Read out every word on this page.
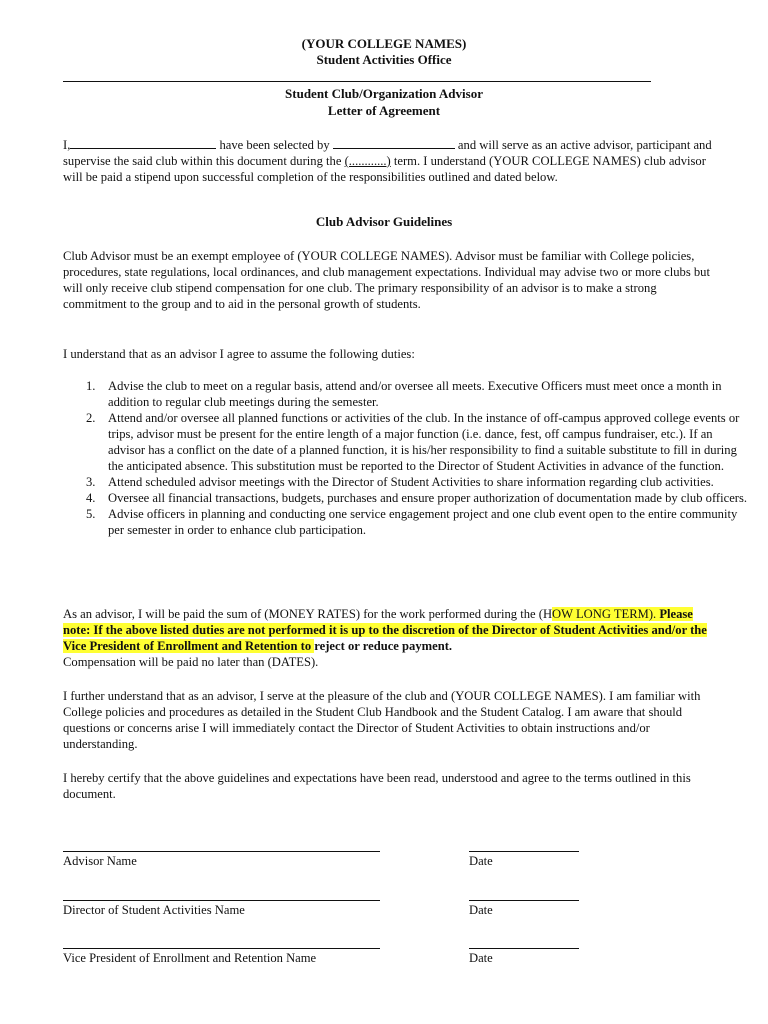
(YOUR COLLEGE NAMES)
Student Activities Office
Student Club/Organization Advisor
Letter of Agreement
I,	have been selected by	and will serve as an active advisor, participant and supervise the said club within this document during the (............) term. I understand (YOUR COLLEGE NAMES) club advisor will be paid a stipend upon successful completion of the responsibilities outlined and dated below.
Club Advisor Guidelines
Club Advisor must be an exempt employee of (YOUR COLLEGE NAMES). Advisor must be familiar with College policies, procedures, state regulations, local ordinances, and club management expectations. Individual may advise two or more clubs but will only receive club stipend compensation for one club. The primary responsibility of an advisor is to make a strong commitment to the group and to aid in the personal growth of students.
I understand that as an advisor I agree to assume the following duties:
1. Advise the club to meet on a regular basis, attend and/or oversee all meets. Executive Officers must meet once a month in addition to regular club meetings during the semester.
2. Attend and/or oversee all planned functions or activities of the club. In the instance of off-campus approved college events or trips, advisor must be present for the entire length of a major function (i.e. dance, fest, off campus fundraiser, etc.). If an advisor has a conflict on the date of a planned function, it is his/her responsibility to find a suitable substitute to fill in during the anticipated absence. This substitution must be reported to the Director of Student Activities in advance of the function.
3. Attend scheduled advisor meetings with the Director of Student Activities to share information regarding club activities.
4. Oversee all financial transactions, budgets, purchases and ensure proper authorization of documentation made by club officers.
5. Advise officers in planning and conducting one service engagement project and one club event open to the entire community per semester in order to enhance club participation.
As an advisor, I will be paid the sum of (MONEY RATES) for the work performed during the (HOW LONG TERM). Please note: If the above listed duties are not performed it is up to the discretion of the Director of Student Activities and/or the Vice President of Enrollment and Retention to reject or reduce payment.
Compensation will be paid no later than (DATES).
I further understand that as an advisor, I serve at the pleasure of the club and (YOUR COLLEGE NAMES). I am familiar with College policies and procedures as detailed in the Student Club Handbook and the Student Catalog. I am aware that should questions or concerns arise I will immediately contact the Director of Student Activities to obtain instructions and/or understanding.
I hereby certify that the above guidelines and expectations have been read, understood and agree to the terms outlined in this document.
Advisor Name	Date
Director of Student Activities Name	Date
Vice President of Enrollment and Retention Name	Date
